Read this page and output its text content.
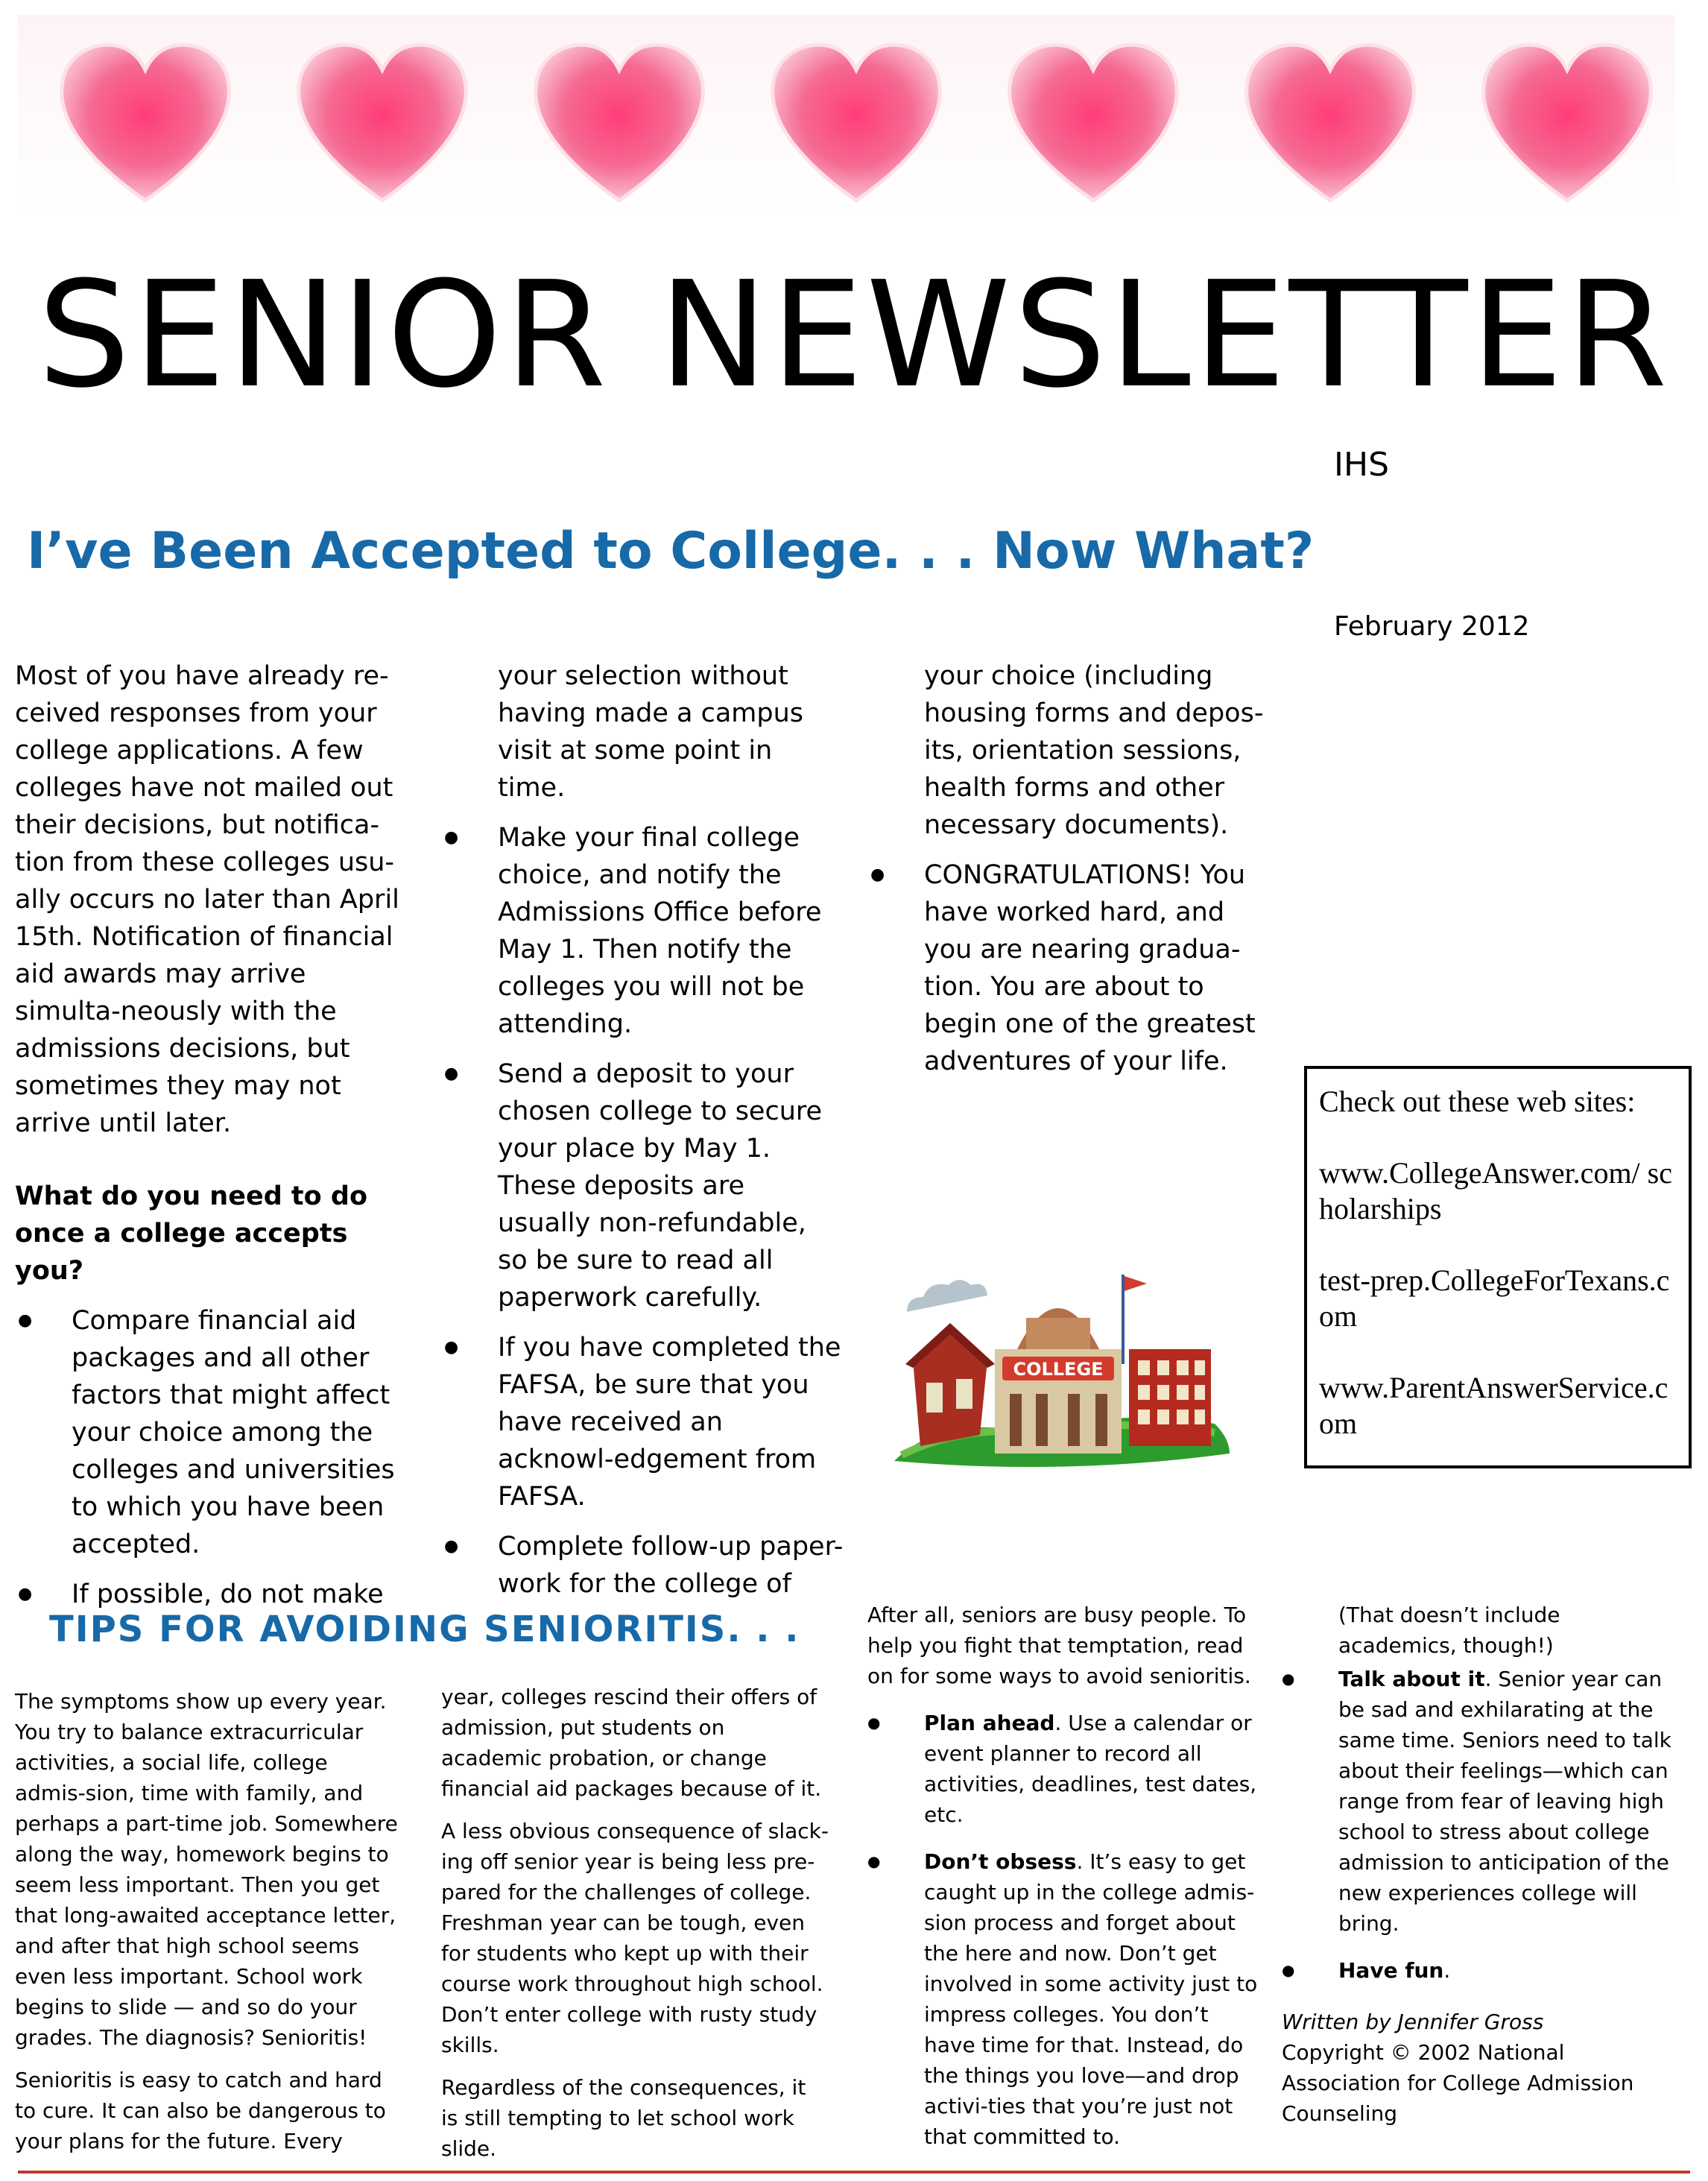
SENIOR NEWSLETTER
IHS
I’ve Been Accepted to College. . . Now What?
February 2012

Most of you have already re-ceived responses from your college applications. A few colleges have not mailed out their decisions, but notifica-tion from these colleges usu-ally occurs no later than April 15th. Notification of financial aid awards may arrive simulta-neously with the admissions decisions, but sometimes they may not arrive until later.

What do you need to do once a college accepts you?

● Compare financial aid packages and all other factors that might affect your choice among the colleges and universities to which you have been accepted.
● If possible, do not make

your selection without having made a campus visit at some point in time.

● Make your final college choice, and notify the Admissions Office before May 1. Then notify the colleges you will not be attending.
● Send a deposit to your chosen college to secure your place by May 1. These deposits are usually non-refundable, so be sure to read all paperwork carefully.
● If you have completed the FAFSA, be sure that you have received an acknowl-edgement from FAFSA.
● Complete follow-up paper-work for the college of

your choice (including housing forms and depos-its, orientation sessions, health forms and other necessary documents).

● CONGRATULATIONS! You have worked hard, and you are nearing gradua-tion. You are about to begin one of the greatest adventures of your life.
COLLEGE

Check out these web sites:

www.CollegeAnswer.com/ scholarships

test-prep.CollegeForTexans.com

www.ParentAnswerService.com

TIPS FOR AVOIDING SENIORITIS. . .

The symptoms show up every year. You try to balance extracurricular activities, a social life, college admis-sion, time with family, and perhaps a part-time job. Somewhere along the way, homework begins to seem less important. Then you get that long-awaited acceptance letter, and after that high school seems even less important. School work begins to slide — and so do your grades. The diagnosis? Senioritis!

Senioritis is easy to catch and hard to cure. It can also be dangerous to your plans for the future. Every

year, colleges rescind their offers of admission, put students on academic probation, or change financial aid packages because of it.

A less obvious consequence of slack-ing off senior year is being less pre-pared for the challenges of college. Freshman year can be tough, even for students who kept up with their course work throughout high school. Don’t enter college with rusty study skills.

Regardless of the consequences, it is still tempting to let school work slide.

After all, seniors are busy people. To help you fight that temptation, read on for some ways to avoid senioritis.

● Plan ahead. Use a calendar or event planner to record all activities, deadlines, test dates, etc.
● Don’t obsess. It’s easy to get caught up in the college admis-sion process and forget about the here and now. Don’t get involved in some activity just to impress colleges. You don’t have time for that. Instead, do the things you love—and drop activi-ties that you’re just not that committed to.

(That doesn’t include academics, though!)

● Talk about it. Senior year can be sad and exhilarating at the same time. Seniors need to talk about their feelings—which can range from fear of leaving high school to stress about college admission to anticipation of the new experiences college will bring.
● Have fun.

Written by Jennifer Gross

Copyright © 2002 National Association for College Admission Counseling
